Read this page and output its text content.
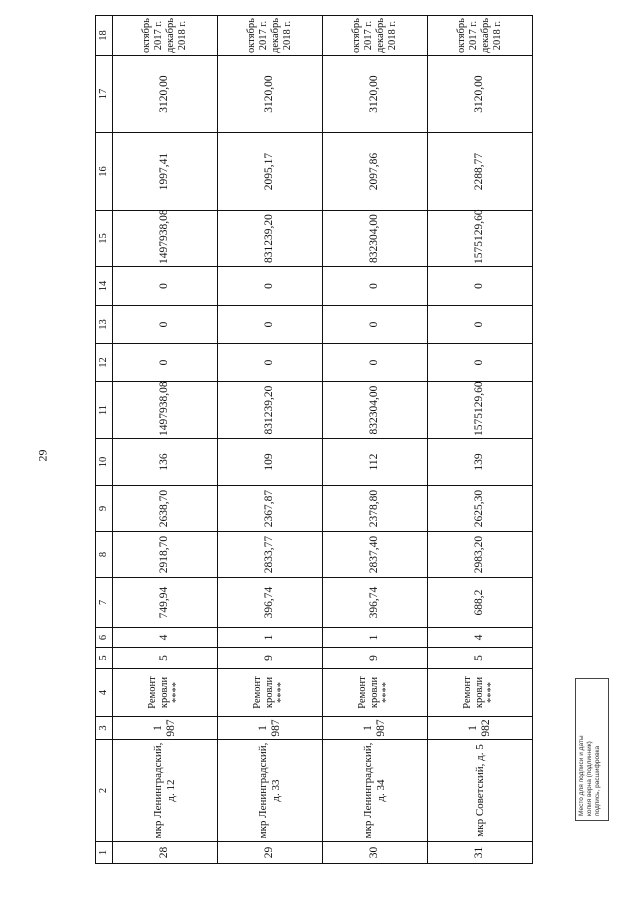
29
1	2	3	4	5	6	7	8	9	10	11	12	13	14	15	16	17	18
28	мкр Ленинградский, д. 12	1 987	Ремонт кровли ****	5	4	749,94	2918,70	2638,70	136	1497938,08	0	0	0	1497938,08	1997,41	3120,00	октябрь 2017 г. декабрь 2018 г.
29	мкр Ленинградский, д. 33	1 987	Ремонт кровли ****	9	1	396,74	2833,77	2367,87	109	831239,20	0	0	0	831239,20	2095,17	3120,00	октябрь 2017 г. декабрь 2018 г.
30	мкр Ленинградский, д. 34	1 987	Ремонт кровли ****	9	1	396,74	2837,40	2378,80	112	832304,00	0	0	0	832304,00	2097,86	3120,00	октябрь 2017 г. декабрь 2018 г.
31	мкр Советский, д. 5	1 982	Ремонт кровли ****	5	4	688,2	2983,20	2625,30	139	1575129,60	0	0	0	1575129,60	2288,77	3120,00	октябрь 2017 г. декабрь 2018 г.
Место для подписи и даты копия верна (подлинник) подпись, расшифровка
